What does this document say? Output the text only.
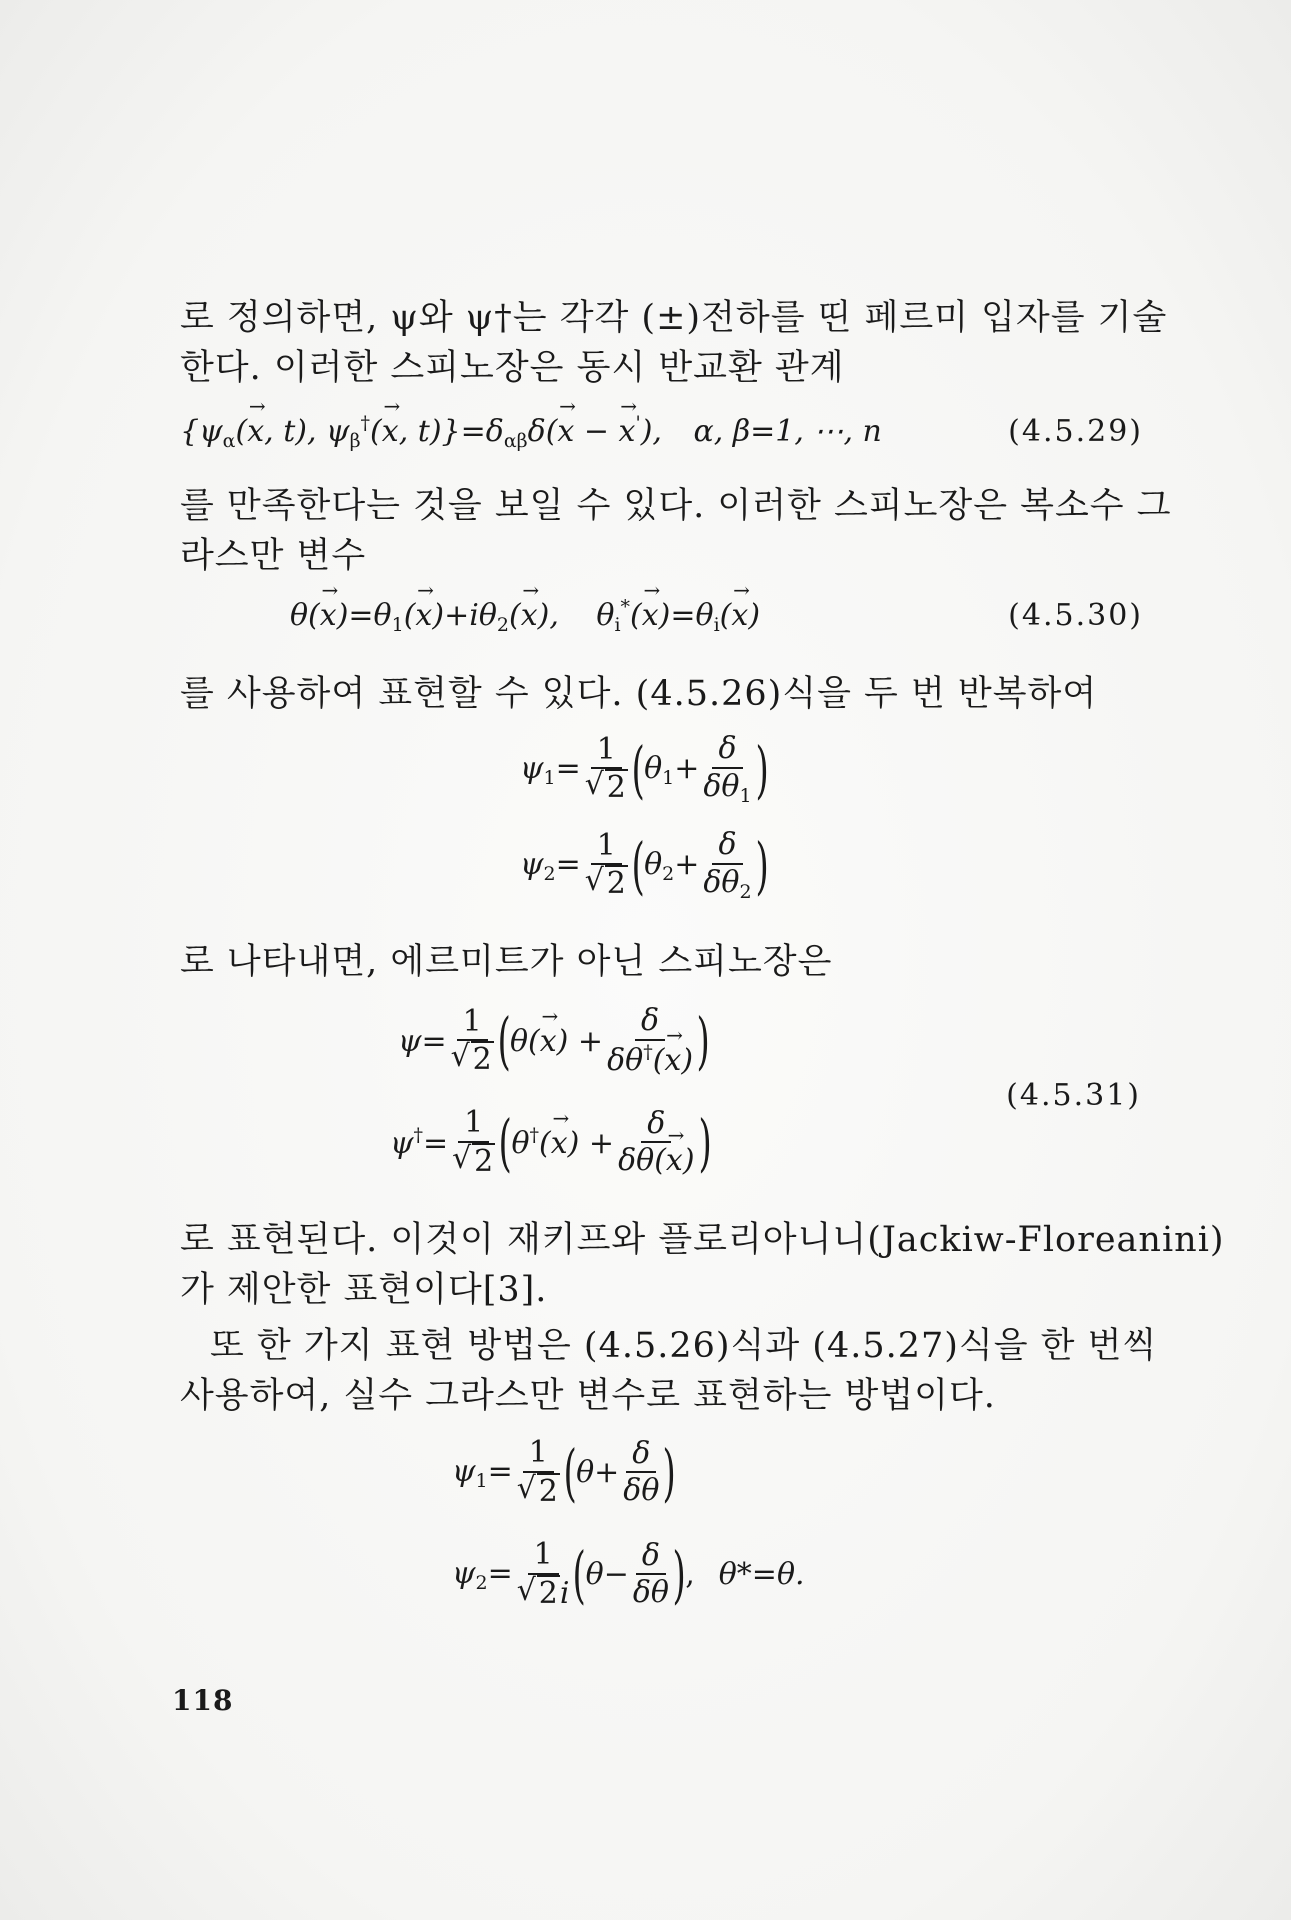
로 정의하면, ψ와 ψ†는 각각 (±)전하를 띤 페르미 입자를 기술
한다. 이러한 스피노장은 동시 반교환 관계
{$\psi_\alpha(\to x$, t), $\psi_\beta^\dagger(\to x$, $t)\}=\delta_{\alpha\beta}\delta(\to x$ − → x'), α, β=1, ⋯, n	(4.5.29)
를 만족한다는 것을 보일 수 있다. 이러한 스피노장은 복소수 그
라스만 변수
$\theta(\to x)=\theta_1(\to x)+i\theta_2(\to x)$, $\theta_i^*(\to x)=\theta_i(\to x)$	(4.5.30)
를 사용하여 표현할 수 있다. (4.5.26)식을 두 번 반복하여
$\psi_1= 1$
√ 2 ( $\theta_1+ \frac{\delta}{\delta\theta_1}$ )
$\psi_2= 1$
√ 2 ( $\theta_2+ \frac{\delta}{\delta\theta_2}$ )
로 나타내면, 에르미트가 아닌 스피노장은
ψ= 1
√ 2 ( $\theta(\to x) + \frac{\delta}{\delta\theta^\dagger(\to x)}$ )
ψ†= 1
√ 2 ( $\theta^\dagger(\to x) + \frac{\delta}{\delta\theta(\to x)}$ )
(4.5.31)
로 표현된다. 이것이 재키프와 플로리아니니(Jackiw-Floreanini)
가 제안한 표현이다[3].
또 한 가지 표현 방법은 (4.5.26)식과 (4.5.27)식을 한 번씩
사용하여, 실수 그라스만 변수로 표현하는 방법이다.
$\psi_1= 1$
√ 2 ( $\theta+ \frac{\delta}{\delta\theta}$ )
$\psi_2= 1$
√ 2i ( $\theta- \frac{\delta}{\delta\theta}$ ) , θ*=θ.
118
